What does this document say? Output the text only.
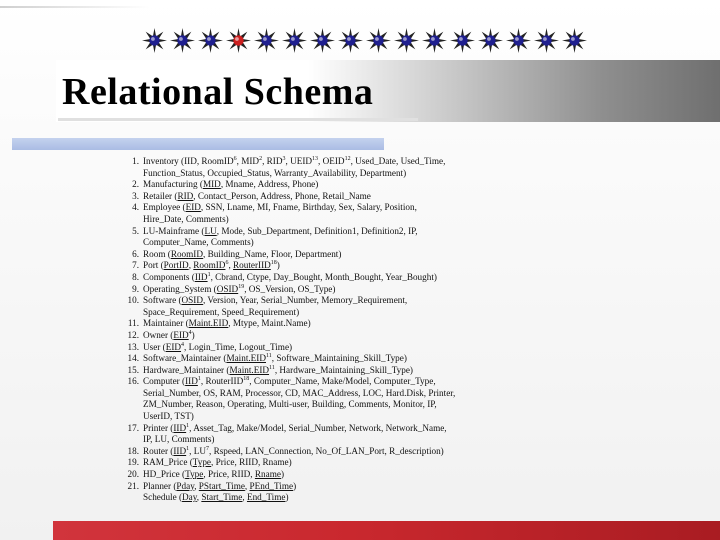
Relational Schema
1. Inventory (IID, RoomID$^6$, MID$^2$, RID$^3$, UEID$^{13}$, OEID$^{12}$, Used_Date, Used_Time,
Function_Status, Occupied_Status, Warranty_Availability, Department)
2. Manufacturing (MID, Mname, Address, Phone)
3. Retailer (RID, Contact_Person, Address, Phone, Retail_Name
4. Employee (EID, SSN, Lname, MI, Fname, Birthday, Sex, Salary, Position,
Hire_Date, Comments)
5. LU-Mainframe (LU, Mode, Sub_Department, Definition1, Definition2, IP,
Computer_Name, Comments)
6. Room (RoomID, Building_Name, Floor, Department)
7. Port (PortID, RoomID$^6$, RouterIID$^{18}$)
8. Components (IID$^1$, Cbrand, Ctype, Day_Bought, Month_Bought, Year_Bought)
9. Operating_System (OSID$^{19}$, OS_Version, OS_Type)
10. Software (OSID, Version, Year, Serial_Number, Memory_Requirement,
Space_Requirement, Speed_Requirement)
11. Maintainer (Maint.EID, Mtype, Maint.Name)
12. Owner (EID$^4$)
13. User (EID$^4$, Login_Time, Logout_Time)
14. Software_Maintainer (Maint.EID$^{11}$, Software_Maintaining_Skill_Type)
15. Hardware_Maintainer (Maint.EID$^{11}$, Hardware_Maintaining_Skill_Type)
16. Computer (IID$^1$, RouterIID$^{18}$, Computer_Name, Make/Model, Computer_Type,
Serial_Number, OS, RAM, Processor, CD, MAC_Address, LOC, Hard.Disk, Printer,
ZM_Number, Reason, Operating, Multi-user, Building, Comments, Monitor, IP,
UserID, TST)
17. Printer (IID$^1$, Asset_Tag, Make/Model, Serial_Number, Network, Network_Name,
IP, LU, Comments)
18. Router (IID$^1$, $LU^7$, Rspeed, LAN_Connection, No_Of_LAN_Port, R_description)
19. RAM_Price (Type, Price, RIID, Rname)
20. HD_Price (Type, Price, RIID, Rname)
21. Planner (Pday, PStart_Time, PEnd_Time)
Schedule (Day, Start_Time, End_Time)
